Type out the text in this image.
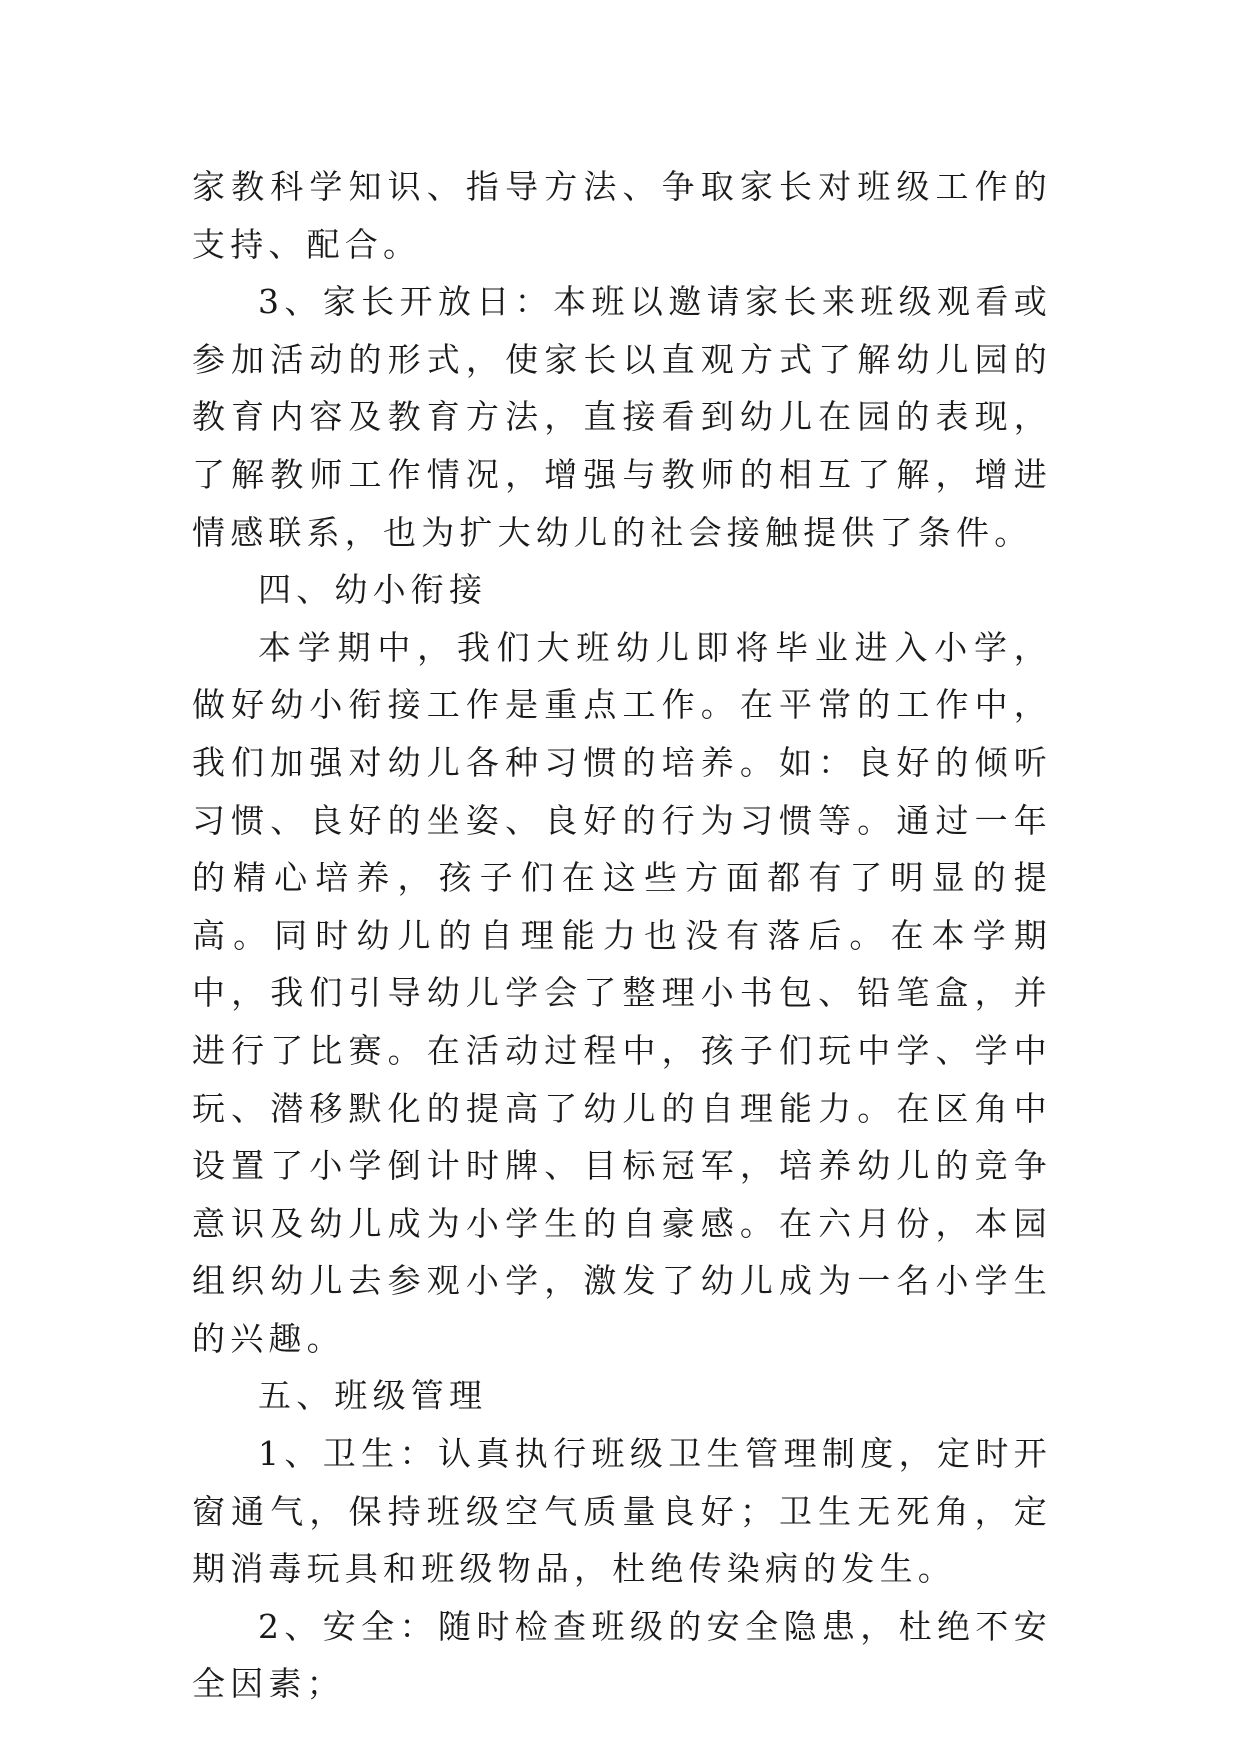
家教科学知识、指导方法、争取家长对班级工作的支持、配合。

3、家长开放日：本班以邀请家长来班级观看或参加活动的形式，使家长以直观方式了解幼儿园的教育内容及教育方法，直接看到幼儿在园的表现，了解教师工作情况，增强与教师的相互了解，增进情感联系，也为扩大幼儿的社会接触提供了条件。

四、幼小衔接

本学期中，我们大班幼儿即将毕业进入小学，做好幼小衔接工作是重点工作。在平常的工作中，我们加强对幼儿各种习惯的培养。如：良好的倾听习惯、良好的坐姿、良好的行为习惯等。通过一年的精心培养，孩子们在这些方面都有了明显的提高。同时幼儿的自理能力也没有落后。在本学期中，我们引导幼儿学会了整理小书包、铅笔盒，并进行了比赛。在活动过程中，孩子们玩中学、学中玩、潜移默化的提高了幼儿的自理能力。在区角中设置了小学倒计时牌、目标冠军，培养幼儿的竞争意识及幼儿成为小学生的自豪感。在六月份，本园组织幼儿去参观小学，激发了幼儿成为一名小学生的兴趣。

五、班级管理

1、卫生：认真执行班级卫生管理制度，定时开窗通气，保持班级空气质量良好；卫生无死角，定期消毒玩具和班级物品，杜绝传染病的发生。

2、安全：随时检查班级的安全隐患，杜绝不安全因素；
